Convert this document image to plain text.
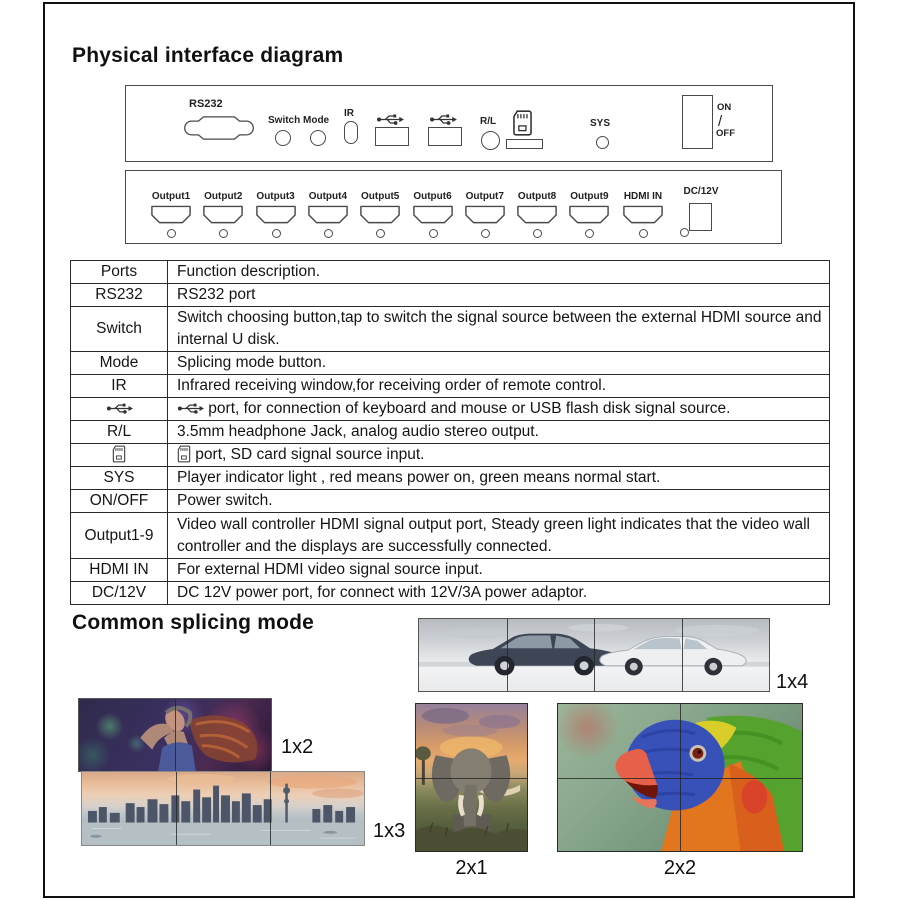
Physical interface diagram
RS232
Switch Mode
IR
R/L	SYS
ON
/
OFF
Output1	Output2	Output3	Output4	Output5	Output6	Output7	Output8	Output9	HDMI IN	DC/12V
Ports	Function description.
RS232	RS232 port
Switch	Switch choosing button,tap to switch the signal source between the external HDMI source and internal U disk.
Mode	Splicing mode button.
IR	Infrared receiving window,for receiving order of remote control.
	port, for connection of keyboard and mouse or USB flash disk signal source.
R/L	3.5mm headphone Jack, analog audio stereo output.
	port, SD card signal source input.
SYS	Player indicator light , red means power on, green means normal start.
ON/OFF	Power switch.
Output1-9	Video wall controller HDMI signal output port, Steady green light indicates that the video wall controller and the displays are successfully connected.
HDMI IN	For external HDMI video signal source input.
DC/12V	DC 12V power port, for connect with 12V/3A power adaptor.
Common splicing mode
1x4
1x2
1x3
2x1	2x2
